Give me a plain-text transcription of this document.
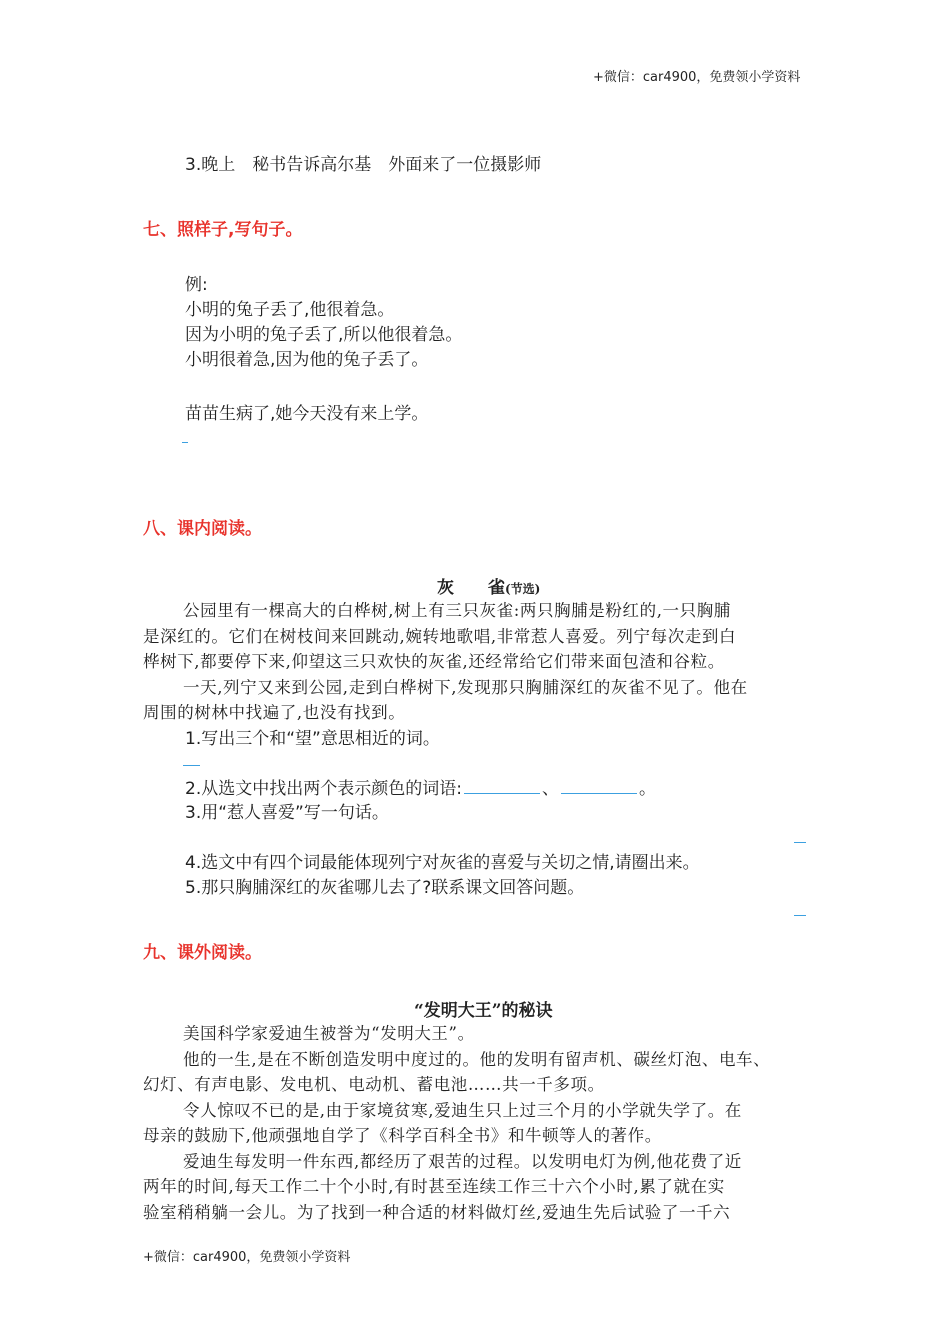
+微信：car4900，免费领小学资料
3.晚上　秘书告诉高尔基　外面来了一位摄影师
七、照样子,写句子。
例:
小明的兔子丢了,他很着急。
因为小明的兔子丢了,所以他很着急。
小明很着急,因为他的兔子丢了。
苗苗生病了,她今天没有来上学。
八、课内阅读。
灰　　雀(节选)
公园里有一棵高大的白桦树,树上有三只灰雀:两只胸脯是粉红的,一只胸脯
是深红的。它们在树枝间来回跳动,婉转地歌唱,非常惹人喜爱。列宁每次走到白
桦树下,都要停下来,仰望这三只欢快的灰雀,还经常给它们带来面包渣和谷粒。
一天,列宁又来到公园,走到白桦树下,发现那只胸脯深红的灰雀不见了。他在
周围的树林中找遍了,也没有找到。
1.写出三个和“望”意思相近的词。
2.从选文中找出两个表示颜色的词语:	、	。
3.用“惹人喜爱”写一句话。
4.选文中有四个词最能体现列宁对灰雀的喜爱与关切之情,请圈出来。
5.那只胸脯深红的灰雀哪儿去了?联系课文回答问题。
九、课外阅读。
“发明大王”的秘诀
美国科学家爱迪生被誉为“发明大王”。
他的一生,是在不断创造发明中度过的。他的发明有留声机、碳丝灯泡、电车、
幻灯、有声电影、发电机、电动机、蓄电池……共一千多项。
令人惊叹不已的是,由于家境贫寒,爱迪生只上过三个月的小学就失学了。在
母亲的鼓励下,他顽强地自学了《科学百科全书》和牛顿等人的著作。
爱迪生每发明一件东西,都经历了艰苦的过程。以发明电灯为例,他花费了近
两年的时间,每天工作二十个小时,有时甚至连续工作三十六个小时,累了就在实
验室稍稍躺一会儿。为了找到一种合适的材料做灯丝,爱迪生先后试验了一千六
+微信：car4900，免费领小学资料
